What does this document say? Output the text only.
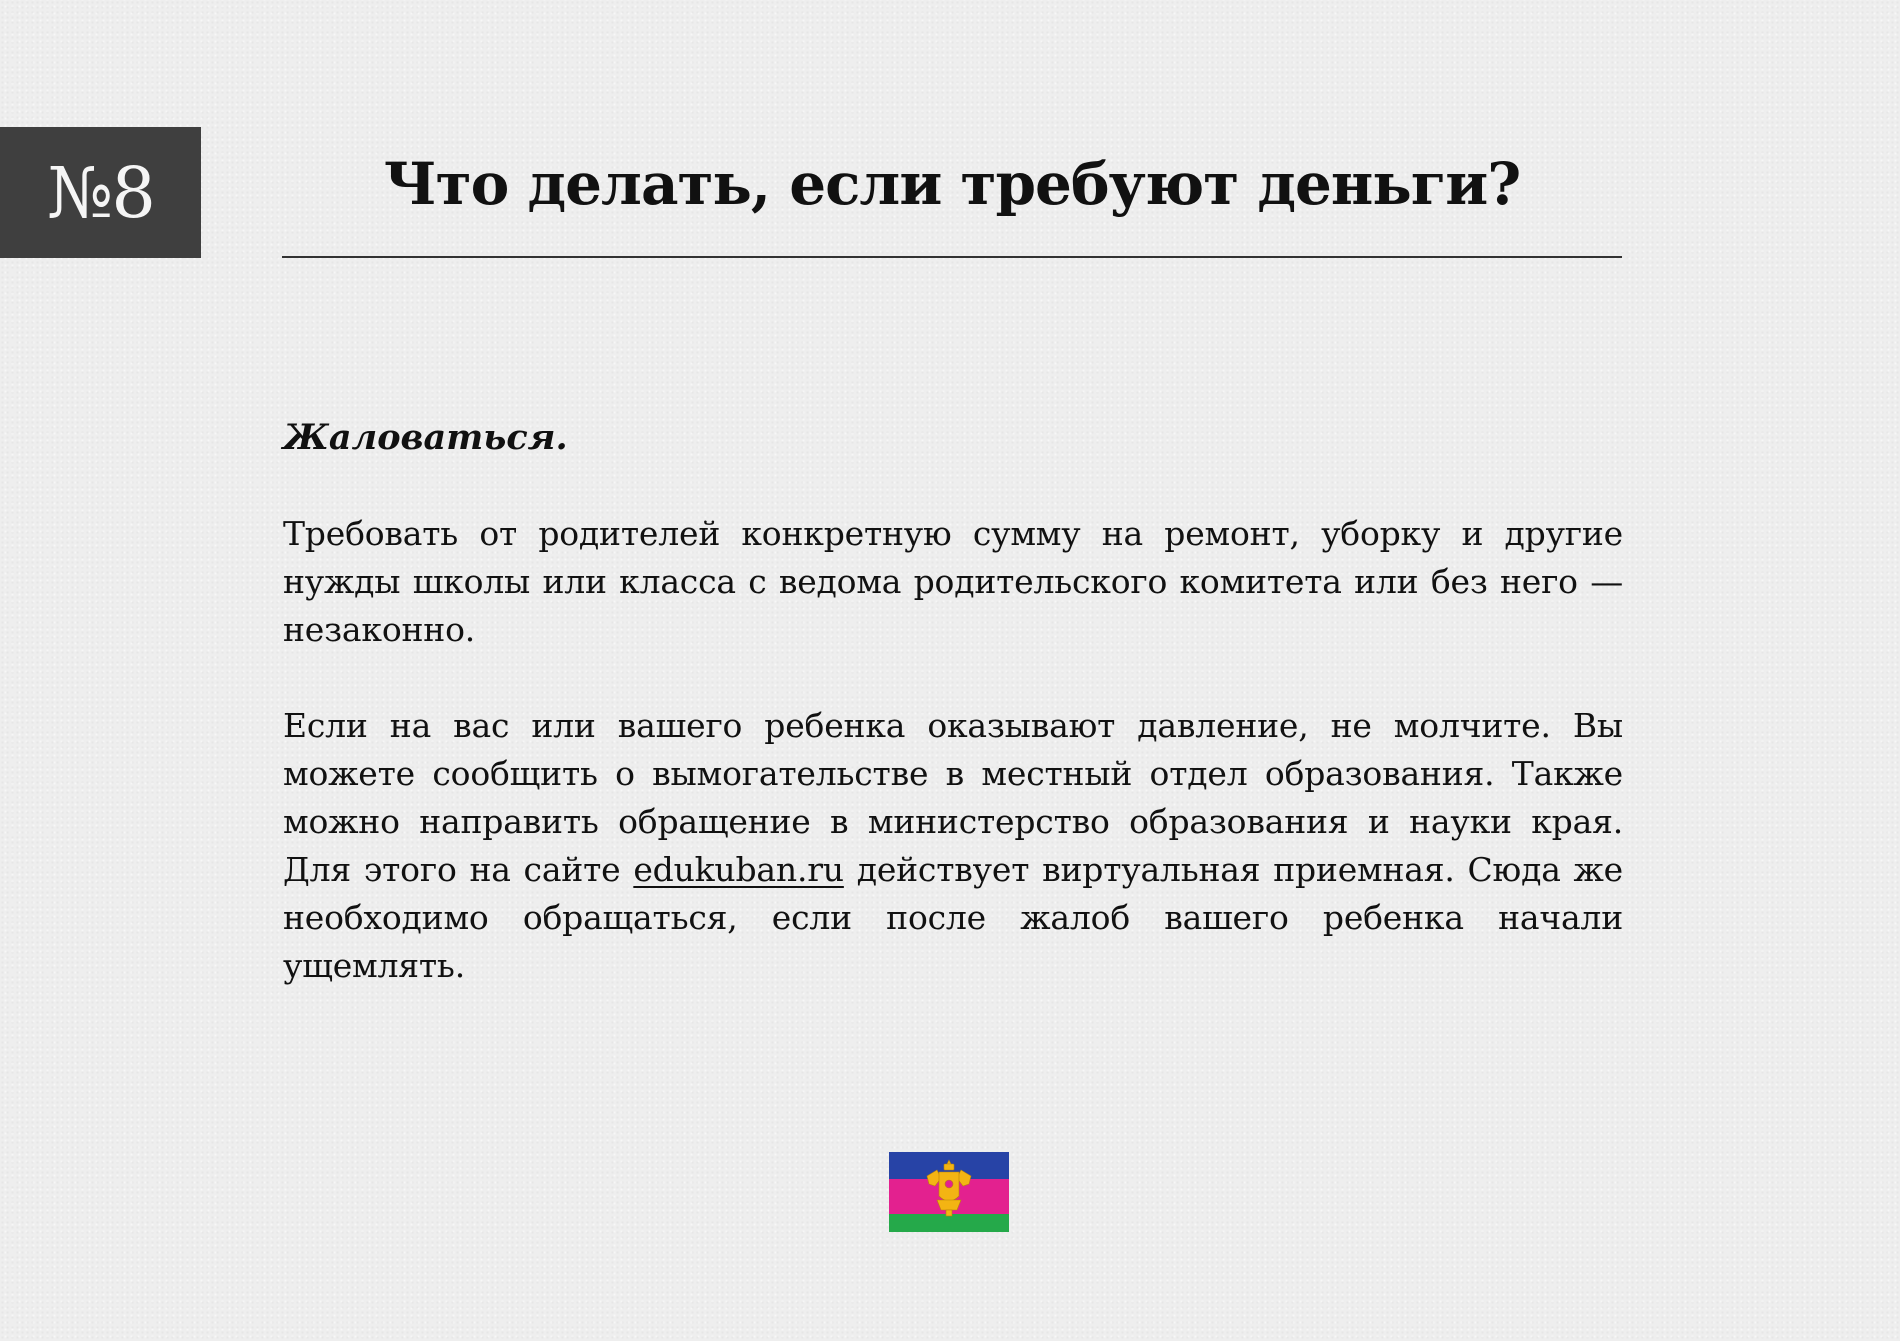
№8	Что делать, если требуют деньги?

Жаловаться.

Требовать от родителей конкретную сумму на ремонт, уборку и другие нужды школы или класса с ведома родительского комитета или без него — незаконно.

Если на вас или вашего ребенка оказывают давление, не молчите. Вы можете сообщить о вымогательстве в местный отдел образования. Также можно направить обращение в министерство образования и науки края. Для этого на сайте edukuban.ru действует виртуальная приемная. Сюда же необходимо обращаться, если после жалоб вашего ребенка начали ущемлять.
